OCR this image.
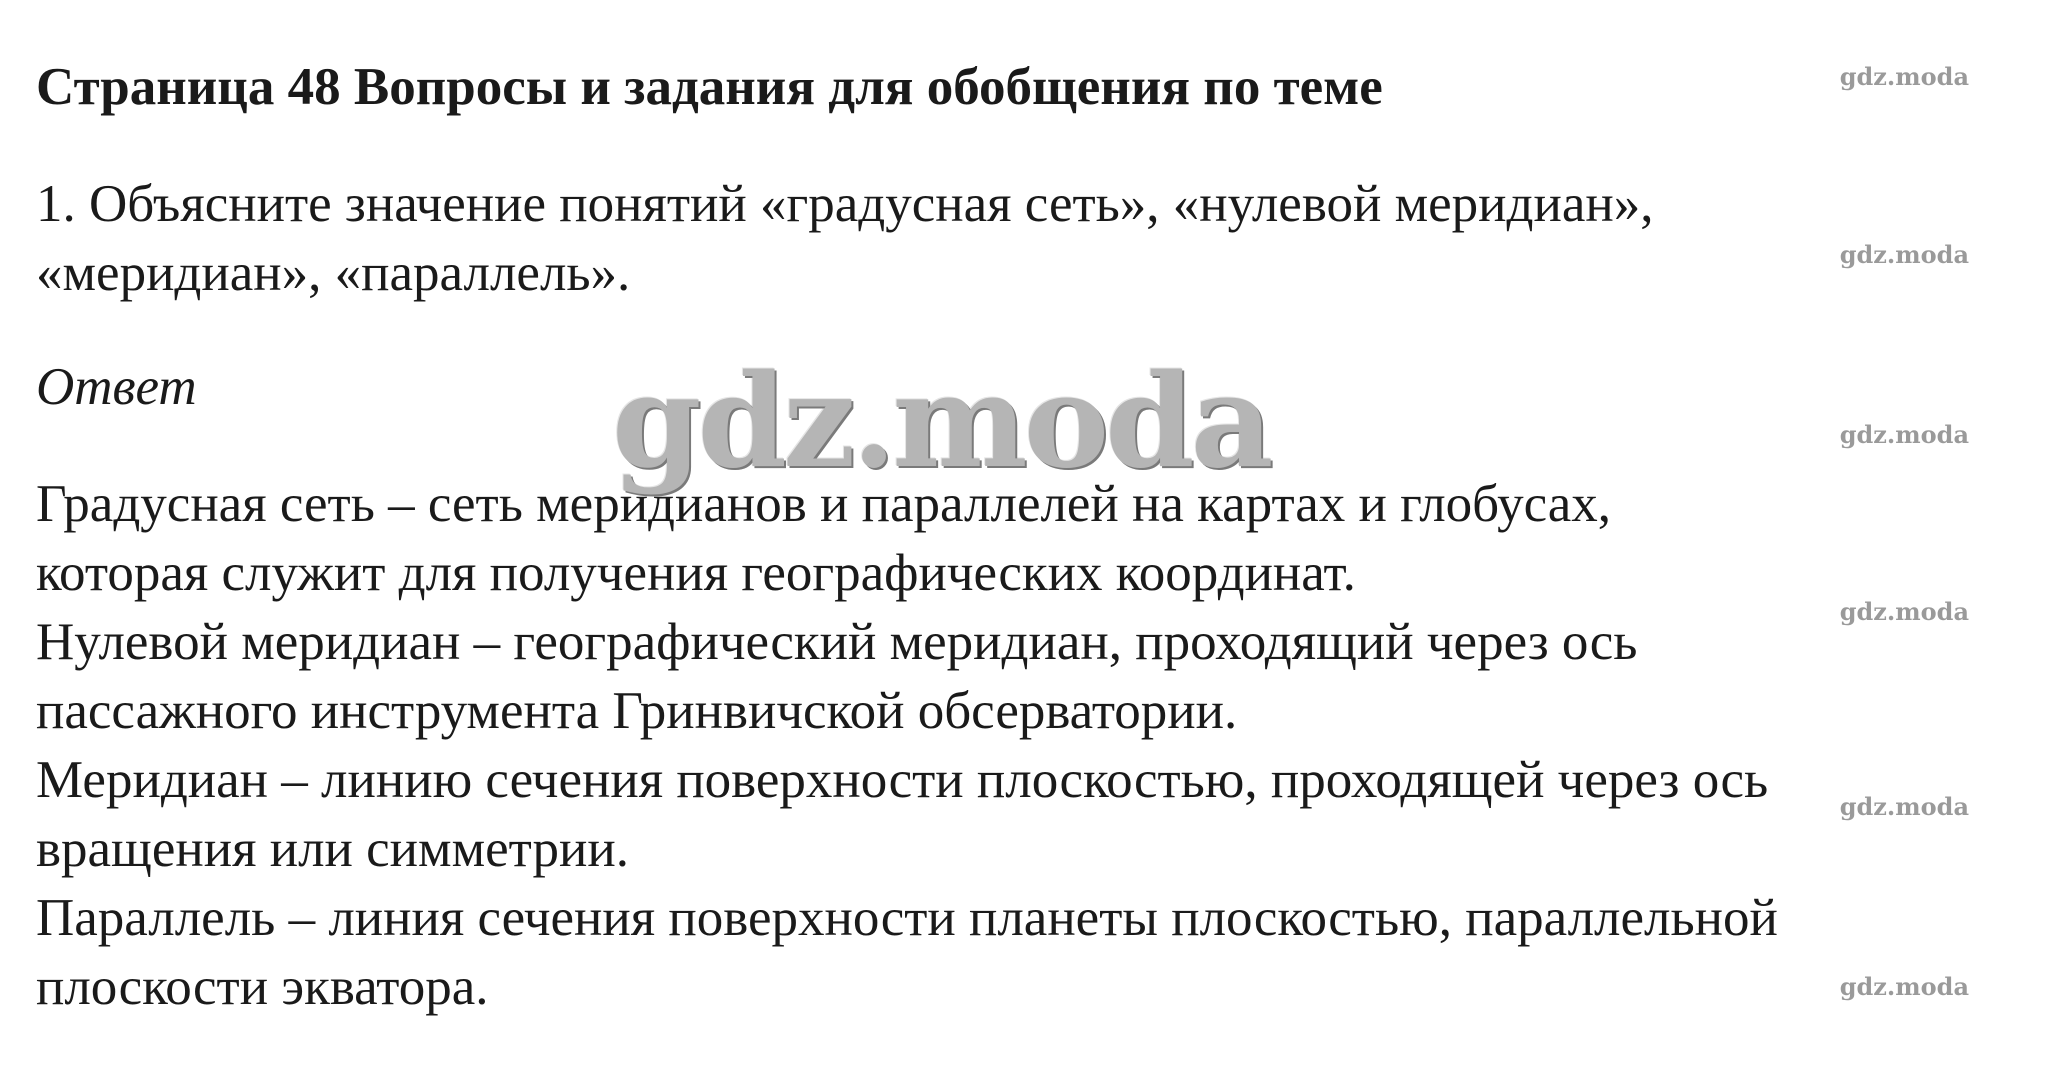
Страница 48 Вопросы и задания для обобщения по теме
1. Объясните значение понятий «градусная сеть», «нулевой меридиан»,
«меридиан», «параллель».
Ответ	gdz.moda
Градусная сеть – сеть меридианов и параллелей на картах и глобусах,
которая служит для получения географических координат.
Нулевой меридиан – географический меридиан, проходящий через ось
пассажного инструмента Гринвичской обсерватории.
Меридиан – линию сечения поверхности плоскостью, проходящей через ось
вращения или симметрии.
Параллель – линия сечения поверхности планеты плоскостью, параллельной
плоскости экватора.
gdz.moda
gdz.moda
gdz.moda
gdz.moda
gdz.moda
gdz.moda
